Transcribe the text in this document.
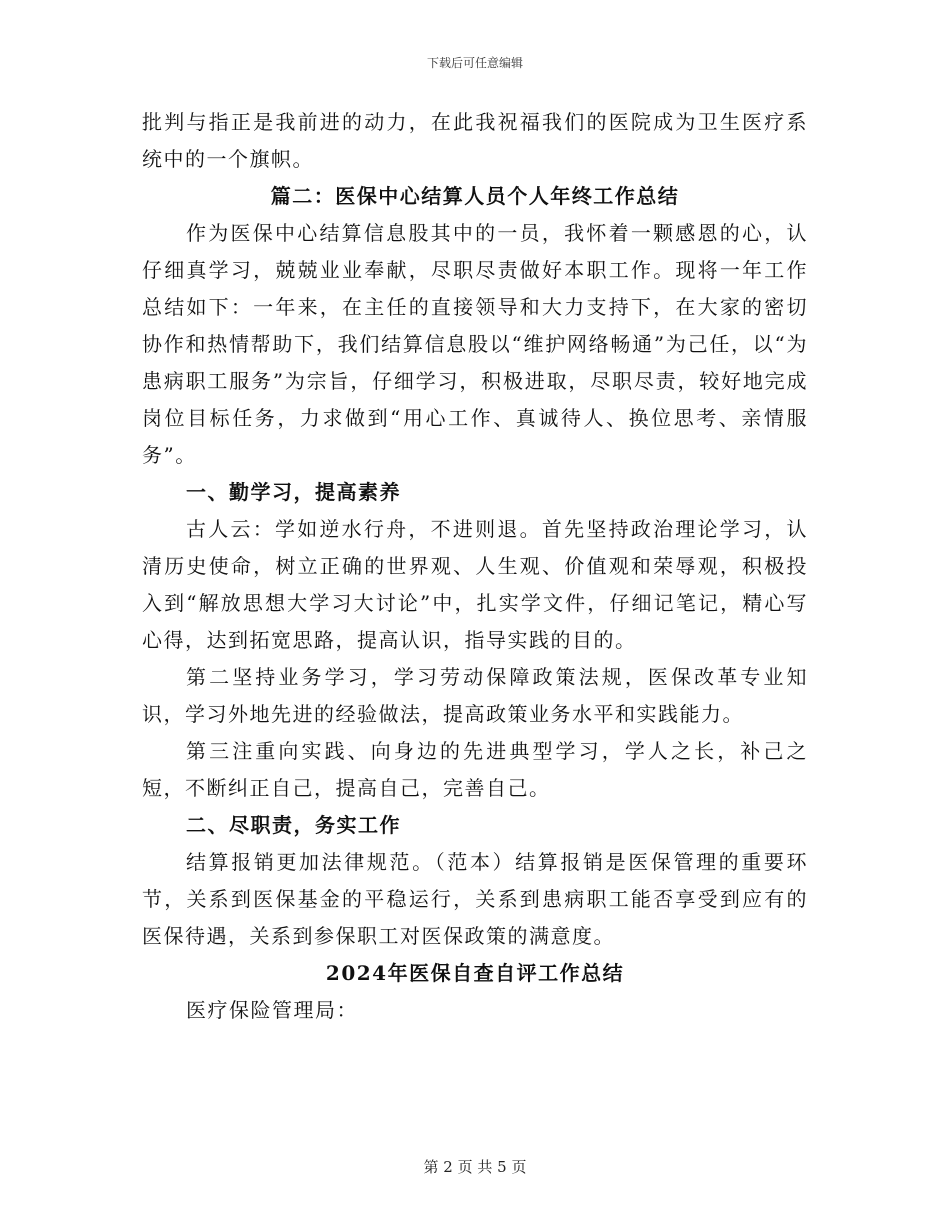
下载后可任意编辑

批判与指正是我前进的动力，在此我祝福我们的医院成为卫生医疗系统中的一个旗帜。

篇二：医保中心结算人员个人年终工作总结

作为医保中心结算信息股其中的一员，我怀着一颗感恩的心，认仔细真学习，兢兢业业奉献，尽职尽责做好本职工作。现将一年工作总结如下：一年来，在主任的直接领导和大力支持下，在大家的密切协作和热情帮助下，我们结算信息股以“维护网络畅通”为己任，以“为患病职工服务”为宗旨，仔细学习，积极进取，尽职尽责，较好地完成岗位目标任务，力求做到“用心工作、真诚待人、换位思考、亲情服务”。

一、勤学习，提高素养

古人云：学如逆水行舟，不进则退。首先坚持政治理论学习，认清历史使命，树立正确的世界观、人生观、价值观和荣辱观，积极投入到“解放思想大学习大讨论”中，扎实学文件，仔细记笔记，精心写心得，达到拓宽思路，提高认识，指导实践的目的。

第二坚持业务学习，学习劳动保障政策法规，医保改革专业知识，学习外地先进的经验做法，提高政策业务水平和实践能力。

第三注重向实践、向身边的先进典型学习，学人之长，补己之短，不断纠正自己，提高自己，完善自己。

二、尽职责，务实工作

结算报销更加法律规范。（范本）结算报销是医保管理的重要环节，关系到医保基金的平稳运行，关系到患病职工能否享受到应有的医保待遇，关系到参保职工对医保政策的满意度。

2024年医保自查自评工作总结

医疗保险管理局：

第 2 页 共 5 页
